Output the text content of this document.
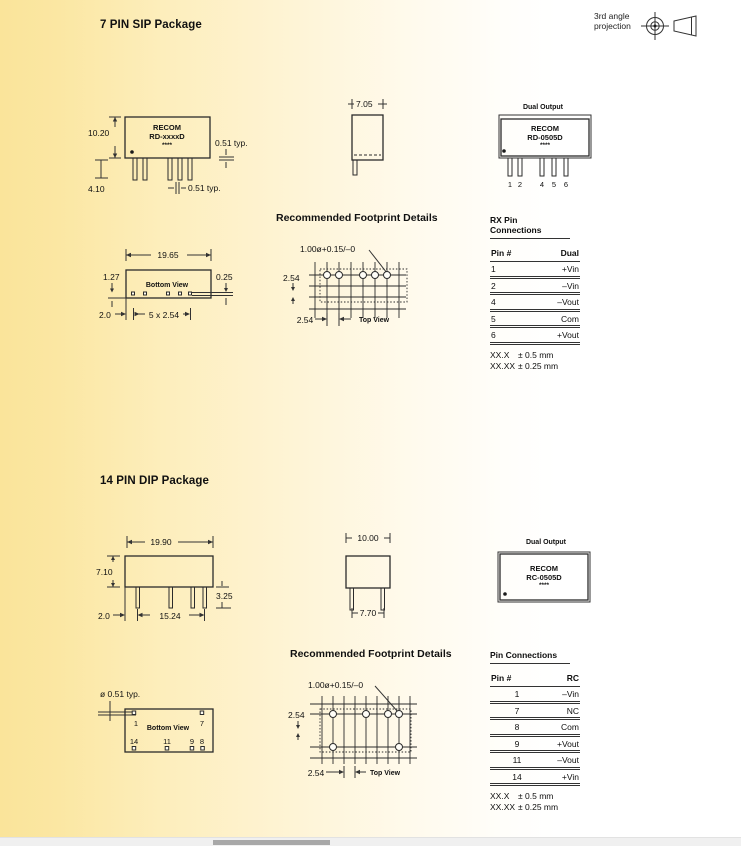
3rd angle
projection
7 PIN SIP Package
RECOM
RD-xxxxD
****
10.20
4.10
0.51 typ.
0.51 typ.
7.05	Dual Output
RECOM
RD-0505D
****
1 2 4 5 6
Recommended Footprint Details
19.65
Bottom View
1.27	0.25
2.0	5 x 2.54
1.00ø+0.15/–0
2.54
2.54	Top View
RX Pin Connections
Pin #	Dual
1	+Vin
2	–Vin
4	–Vout
5	Com
6	+Vout
XX.X ± 0.5 mm
XX.XX ± 0.25 mm
14 PIN DIP Package
19.90
7.10
3.25
2.0	15.24
10.00
7.70
Dual Output
RECOM
RC-0505D
****
Recommended Footprint Details
ø 0.51 typ.
1	7
Bottom View
14	11	9 8
1.00ø+0.15/–0
2.54
2.54	Top View
Pin Connections
Pin #	RC
1	–Vin
7	NC
8	Com
9	+Vout
11	–Vout
14	+Vin
XX.X ± 0.5 mm
XX.XX ± 0.25 mm
